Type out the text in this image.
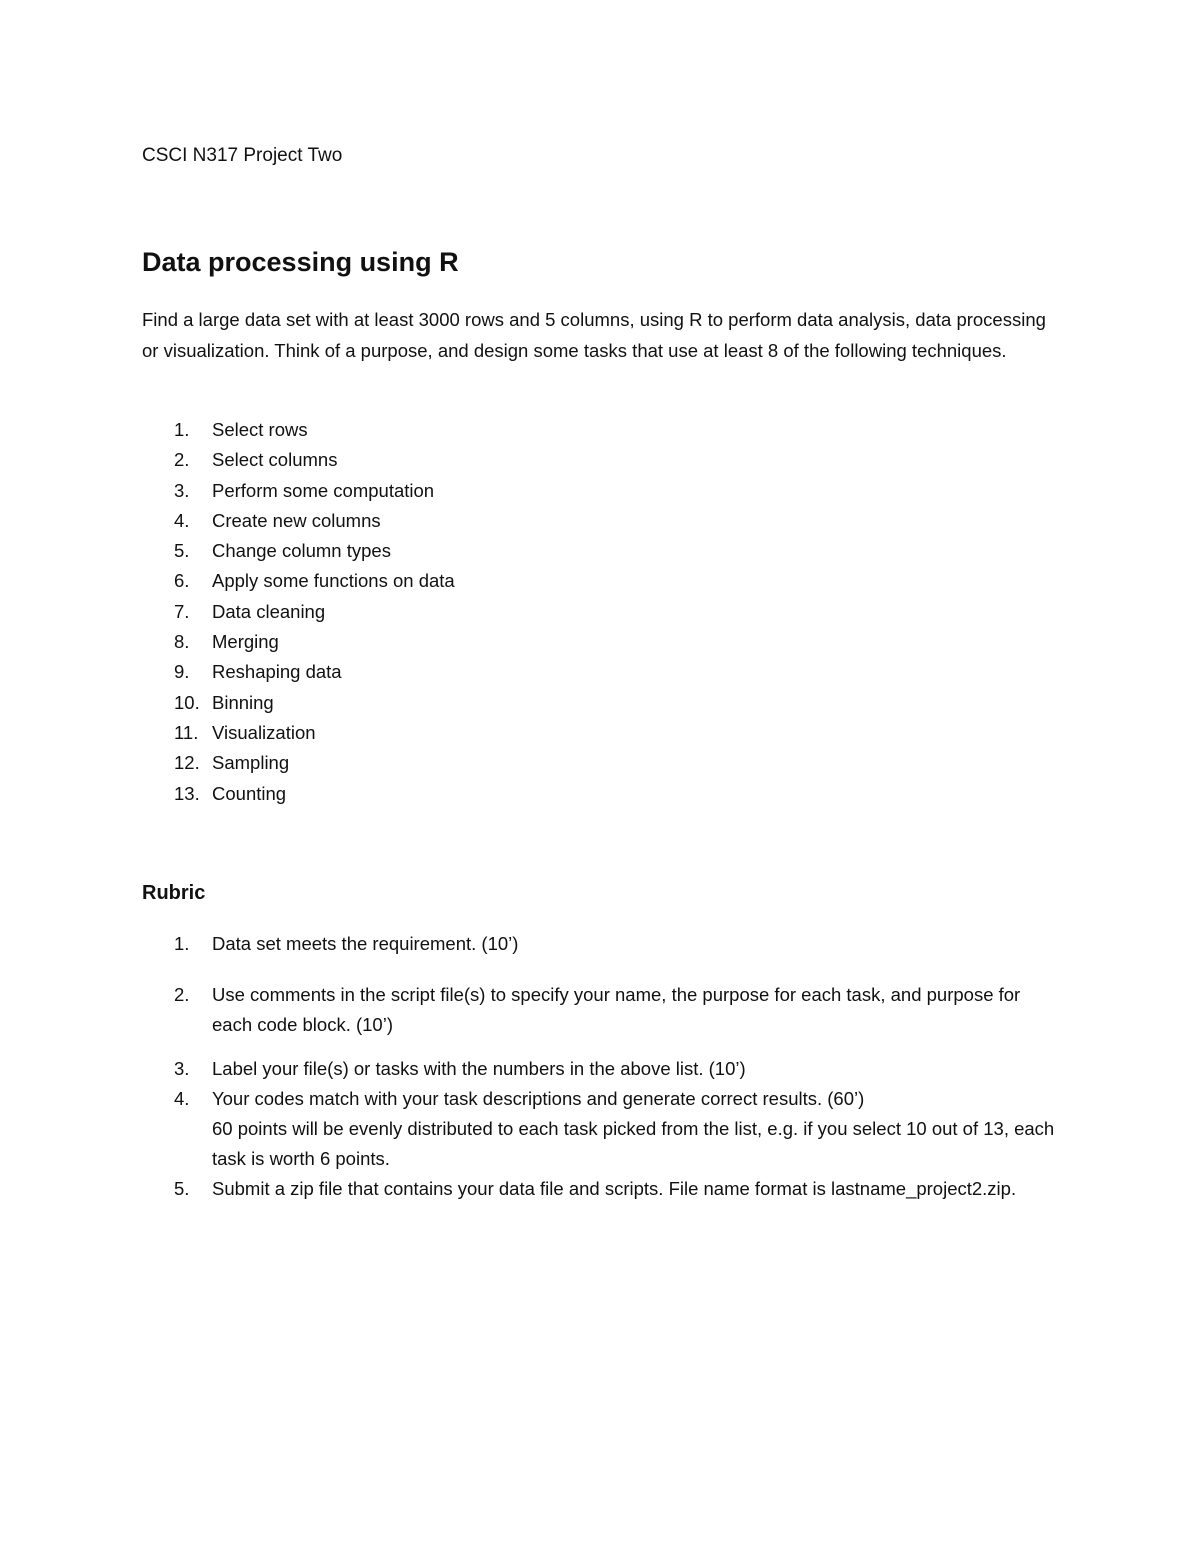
CSCI N317 Project Two

Data processing using R

Find a large data set with at least 3000 rows and 5 columns, using R to perform data analysis, data processing or visualization. Think of a purpose, and design some tasks that use at least 8 of the following techniques.

1.	Select rows
2.	Select columns
3.	Perform some computation
4.	Create new columns
5.	Change column types
6.	Apply some functions on data
7.	Data cleaning
8.	Merging
9.	Reshaping data
10. Binning
11. Visualization
12. Sampling
13. Counting
Rubric
1. Data set meets the requirement. (10’)
2. Use comments in the script file(s) to specify your name, the purpose for each task, and purpose for each code block. (10’)
3. Label your file(s) or tasks with the numbers in the above list. (10’)
4. Your codes match with your task descriptions and generate correct results. (60’)
60 points will be evenly distributed to each task picked from the list, e.g. if you select 10 out of 13, each task is worth 6 points.
5. Submit a zip file that contains your data file and scripts. File name format is lastname_project2.zip.
